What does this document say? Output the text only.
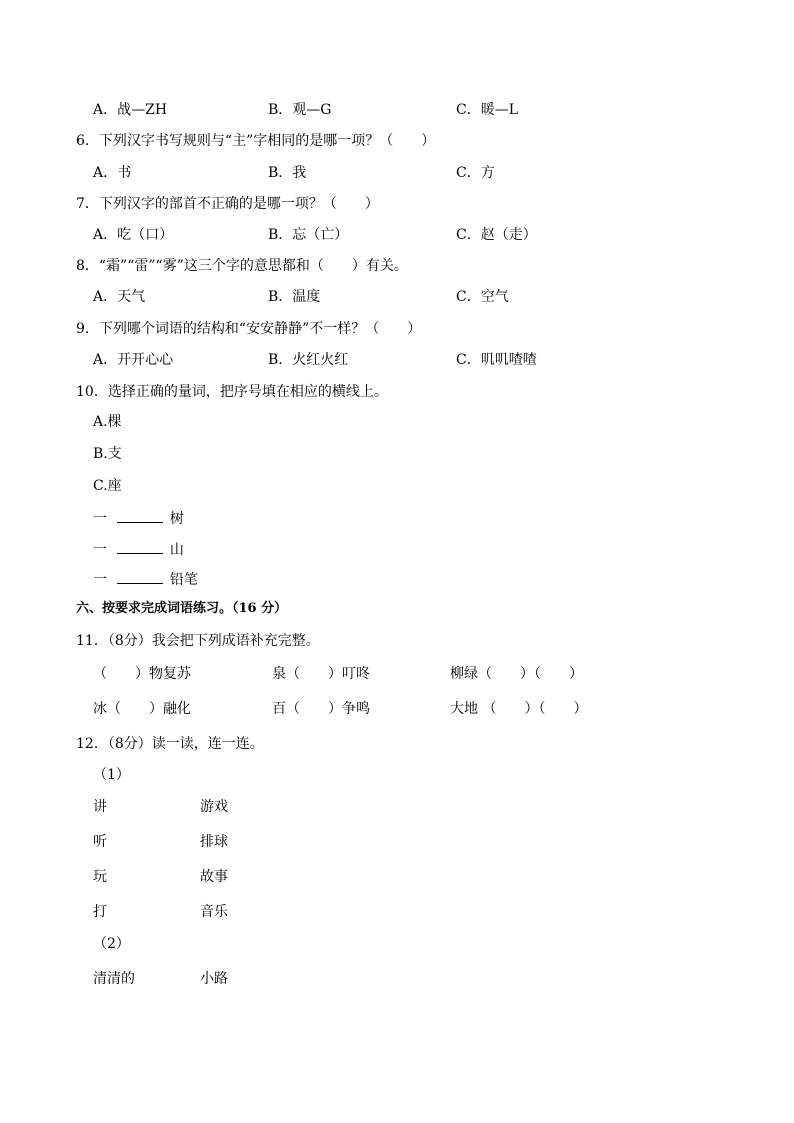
A．战—ZH	B．观—G	C．暖—L
6．下列汉字书写规则与“主”字相同的是哪一项？（　　）
A．书	B．我	C．方
7．下列汉字的部首不正确的是哪一项？（　　）
A．吃（口）	B．忘（亡）	C．赵（走）
8．“霜”“雷”“雾”这三个字的意思都和（　　）有关。
A．天气	B．温度	C．空气
9．下列哪个词语的结构和“安安静静”不一样？（　　）
A．开开心心	B．火红火红	C．叽叽喳喳
10．选择正确的量词，把序号填在相应的横线上。
A.棵
B.支
C.座
一	树
一	山
一	铅笔
六、按要求完成词语练习。（16 分）
11．（8分）我会把下列成语补充完整。
（　　）物复苏	泉（　　）叮咚	柳绿（　　）（　　）
冰（　　）融化	百（　　）争鸣	大地 （　　）（　　）
12．（8分）读一读，连一连。
（1）
讲	游戏
听	排球
玩	故事
打	音乐
（2）
清清的	小路
